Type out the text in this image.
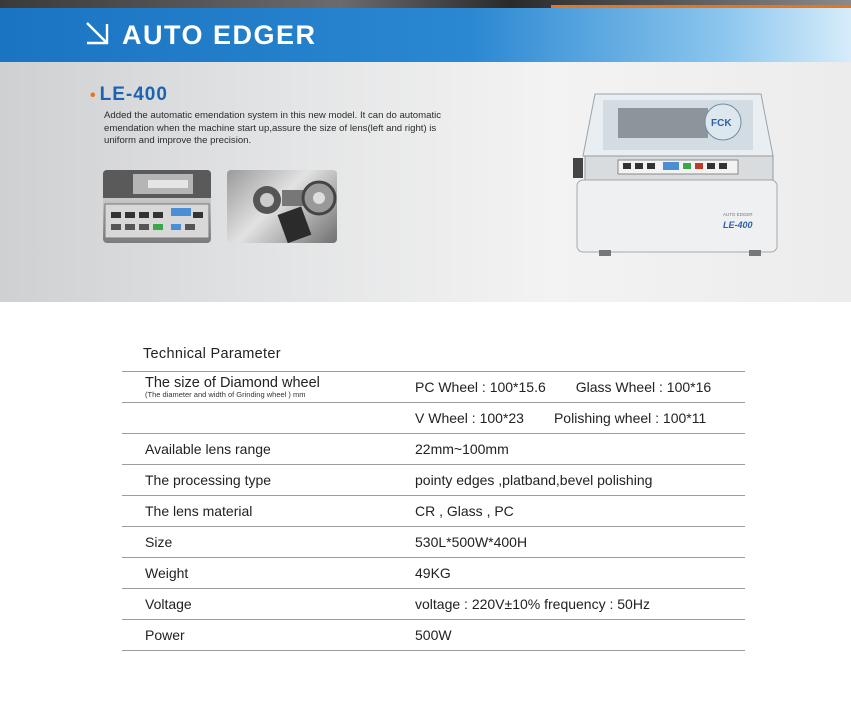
AUTO EDGER
• LE-400
Added the automatic emendation system in this new model. It can do automatic emendation when the machine start up,assure the size of lens(left and right) is uniform and improve the precision.
FCK
AUTO EDGER
LE-400
Technical Parameter
The size of Diamond wheel
(The diameter and width of Grinding wheel ) mm	PC Wheel : 100*15.6 Glass Wheel : 100*16
	V Wheel : 100*23 Polishing wheel : 100*11
Available lens range	22mm~100mm
The processing type	pointy edges ,platband,bevel polishing
The lens material	CR , Glass , PC
Size	530L*500W*400H
Weight	49KG
Voltage	voltage : 220V±10% frequency : 50Hz
Power	500W
